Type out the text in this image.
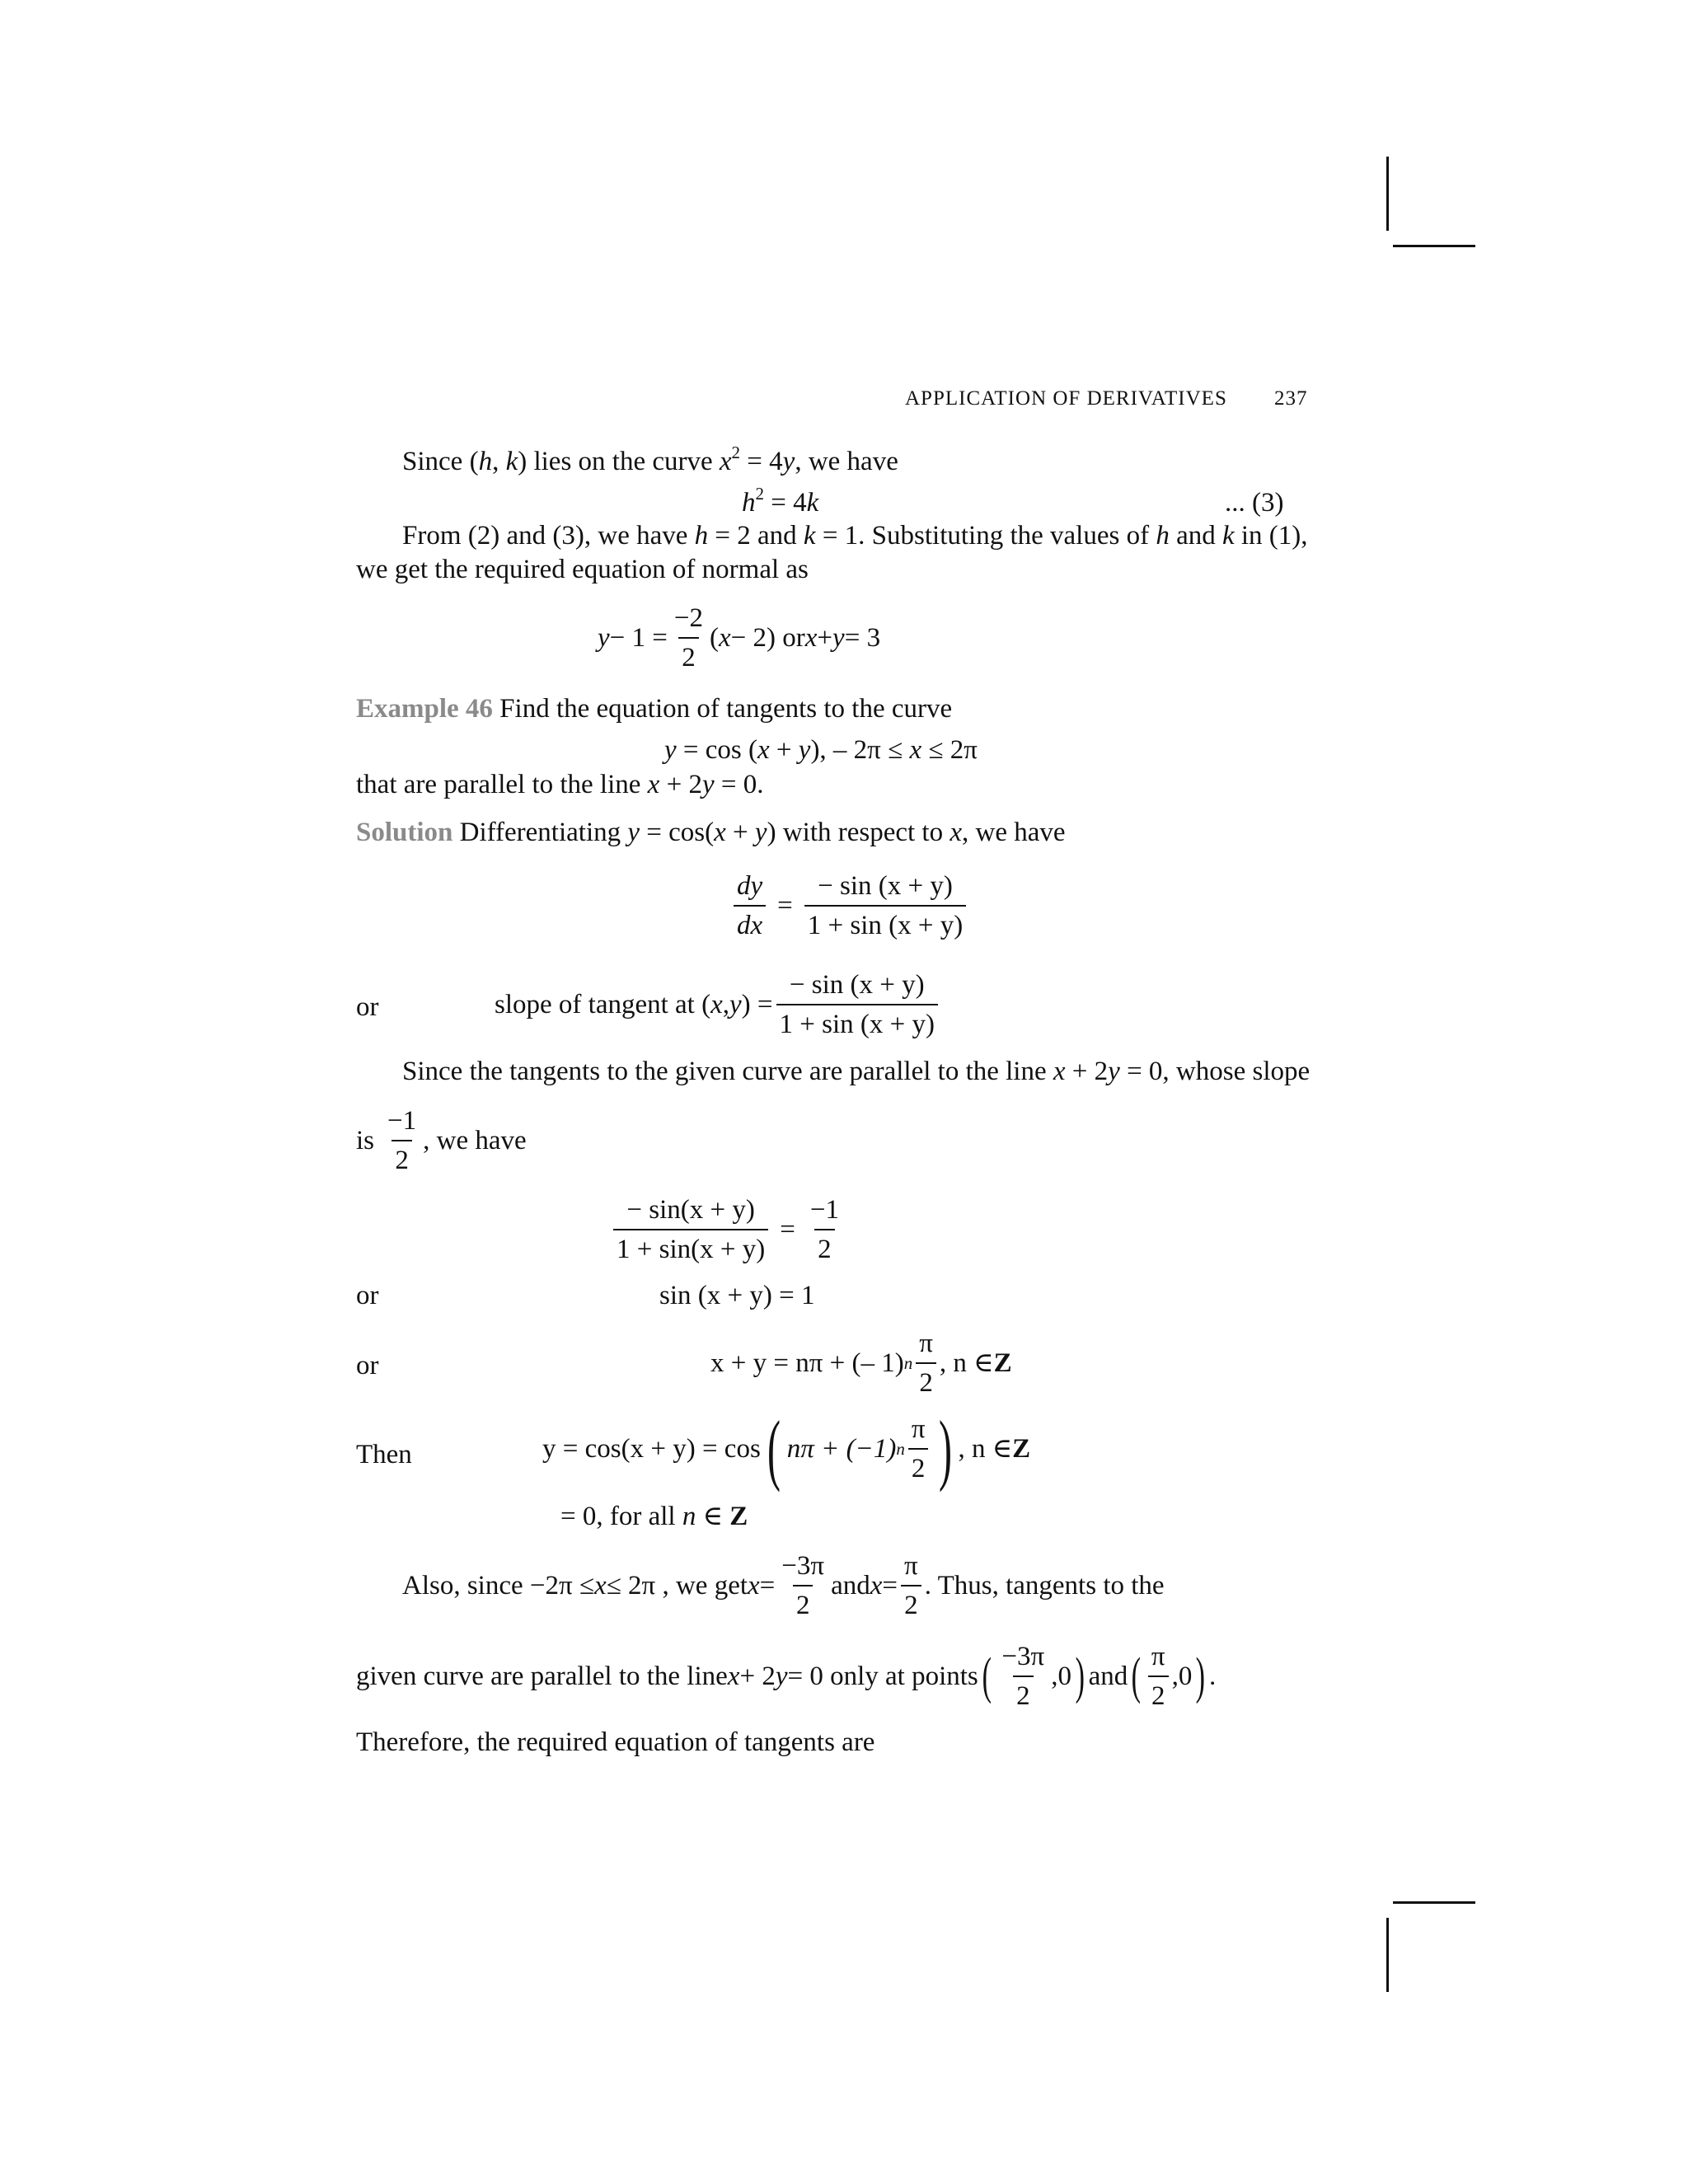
APPLICATION OF DERIVATIVES 237
Since (h, k) lies on the curve $x^2 = 4y$, we have
$h^2 = 4k$	... (3)
From (2) and (3), we have h = 2 and k = 1. Substituting the values of h and k in (1),
we get the required equation of normal as
$y - 1 = \frac{-2}{2}$ ( x − 2) or x + y = 3
Example 46 Find the equation of tangents to the curve
y = cos (x + y), – 2π ≤ x ≤ 2π
that are parallel to the line x + 2y = 0.
Solution Differentiating y = cos(x + y) with respect to x, we have
$\frac{dy}{dx} = \frac{- \sin (x + y)}{1 + \sin (x + y)}$
or	slope of tangent at ( x , y ) = $\frac{- \sin (x + y)}{1 + \sin (x + y)}$
Since the tangents to the given curve are parallel to the line x + 2y = 0, whose slope
is $\frac{-1}{2}$ , we have
$\frac{- \sin(x + y)}{1 + \sin(x + y)} = \frac{-1}{2}$
or	sin (x + y) = 1
or	x + y = nπ + (– 1) n $\frac{\pi}{2}$ , n ∈ Z
Then	y = cos(x + y) = cos ( nπ + (−1) n $\frac{\pi}{2}$ ) , n ∈ Z
= 0, for all n ∈ Z
Also, since −2π ≤ x ≤ 2π , we get $x = \frac{-3\pi}{2}$ and $x = \frac{\pi}{2}$ . Thus, tangents to the
given curve are parallel to the line x + 2 y = 0 only at points ( $\frac{-3\pi}{2} ,0$ ) and ( $\frac{\pi}{2} ,0$ ) .
Therefore, the required equation of tangents are
